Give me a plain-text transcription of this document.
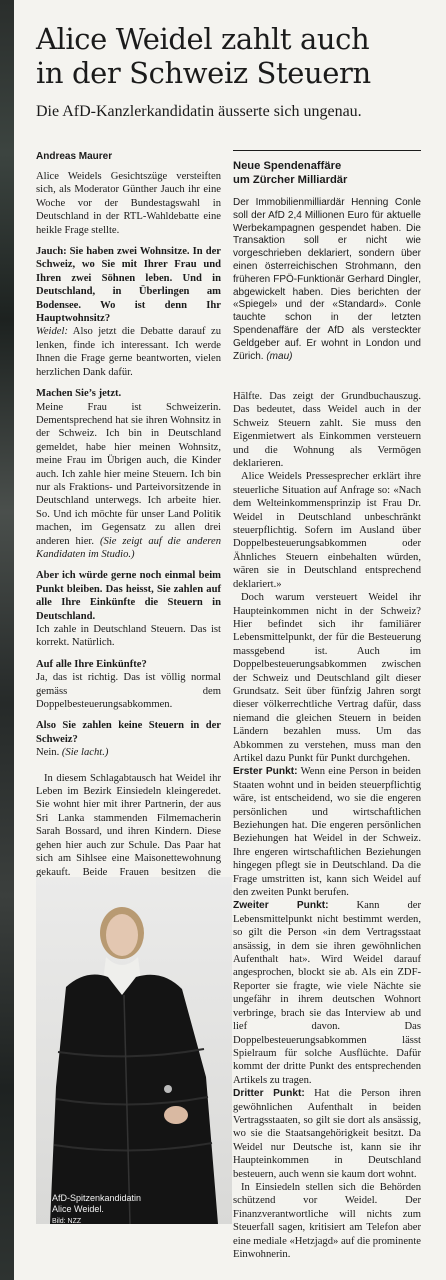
Alice Weidel zahlt auch
in der Schweiz Steuern
Die AfD-Kanzlerkandidatin äusserte sich ungenau.
Andreas Maurer
Neue Spendenaffäre
um Zürcher Milliardär
Der Immobilienmilliardär Henning Conle soll der AfD 2,4 Millionen Euro für aktuelle Werbekampagnen gespendet haben. Die Transaktion soll er nicht wie vorgeschrieben deklariert, sondern über einen österreichischen Strohmann, den früheren FPÖ-Funktionär Gerhard Dingler, abgewickelt haben. Dies berichten der «Spiegel» und der «Standard». Conle tauchte schon in der letzten Spendenaffäre der AfD als versteckter Geldgeber auf. Er wohnt in London und Zürich. (mau)

Alice Weidels Gesichtszüge versteiften sich, als Moderator Günther Jauch ihr eine Woche vor der Bundestagswahl in Deutschland in der RTL-Wahldebatte eine heikle Frage stellte.

Jauch: Sie haben zwei Wohnsitze. In der Schweiz, wo Sie mit Ihrer Frau und Ihren zwei Söhnen leben. Und in Deutschland, in Überlingen am Bodensee. Wo ist denn Ihr Hauptwohnsitz?

Weidel: Also jetzt die Debatte darauf zu lenken, finde ich interessant. Ich werde Ihnen die Frage gerne beantworten, vielen herzlichen Dank dafür.

Machen Sie’s jetzt.

Meine Frau ist Schweizerin. Dementsprechend hat sie ihren Wohnsitz in der Schweiz. Ich bin in Deutschland gemeldet, habe hier meinen Wohnsitz, meine Frau im Übrigen auch, die Kinder auch. Ich zahle hier meine Steuern. Ich bin nur als Fraktions- und Parteivorsitzende in Deutschland unterwegs. Ich arbeite hier. So. Und ich möchte für unser Land Politik machen, im Gegensatz zu allen drei anderen hier. (Sie zeigt auf die anderen Kandidaten im Studio.)

Aber ich würde gerne noch einmal beim Punkt bleiben. Das heisst, Sie zahlen auf alle Ihre Einkünfte die Steuern in Deutschland.

Ich zahle in Deutschland Steuern. Das ist korrekt. Natürlich.

Auf alle Ihre Einkünfte?

Ja, das ist richtig. Das ist völlig normal gemäss dem Doppelbesteuerungsabkommen.

Also Sie zahlen keine Steuern in der Schweiz?

Nein. (Sie lacht.)

In diesem Schlagabtausch hat Weidel ihr Leben im Bezirk Einsiedeln kleingeredet. Sie wohnt hier mit ihrer Partnerin, der aus Sri Lanka stammenden Filmemacherin Sarah Bossard, und ihren Kindern. Diese gehen hier auch zur Schule. Das Paar hat sich am Sihlsee eine Maisonettewohnung gekauft. Beide Frauen besitzen die

Hälfte. Das zeigt der Grundbuchauszug. Das bedeutet, dass Weidel auch in der Schweiz Steuern zahlt. Sie muss den Eigenmietwert als Einkommen versteuern und die Wohnung als Vermögen deklarieren.

Alice Weidels Pressesprecher erklärt ihre steuerliche Situation auf Anfrage so: «Nach dem Welteinkommensprinzip ist Frau Dr. Weidel in Deutschland unbeschränkt steuerpflichtig. Sofern im Ausland über Doppelbesteuerungsabkommen oder Ähnliches Steuern einbehalten würden, wären sie in Deutschland entsprechend deklariert.»

Doch warum versteuert Weidel ihr Haupteinkommen nicht in der Schweiz? Hier befindet sich ihr familiärer Lebensmittelpunkt, der für die Besteuerung massgebend ist. Auch im Doppelbesteuerungsabkommen zwischen der Schweiz und Deutschland gilt dieser Grundsatz. Seit über fünfzig Jahren sorgt dieser völkerrechtliche Vertrag dafür, dass niemand die gleichen Steuern in beiden Ländern bezahlen muss. Um das Abkommen zu verstehen, muss man den Artikel dazu Punkt für Punkt durchgehen.

Erster Punkt: Wenn eine Person in beiden Staaten wohnt und in beiden steuerpflichtig wäre, ist entscheidend, wo sie die engeren persönlichen und wirtschaftlichen Beziehungen hat. Die engeren persönlichen Beziehungen hat Weidel in der Schweiz. Ihre engeren wirtschaftlichen Beziehungen hingegen pflegt sie in Deutschland. Da die Frage umstritten ist, kann sich Weidel auf den zweiten Punkt berufen.

Zweiter Punkt: Kann der Lebensmittelpunkt nicht bestimmt werden, so gilt die Person «in dem Vertragsstaat ansässig, in dem sie ihren gewöhnlichen Aufenthalt hat». Wird Weidel darauf angesprochen, blockt sie ab. Als ein ZDF-Reporter sie fragte, wie viele Nächte sie ungefähr in ihrem deutschen Wohnort verbringe, brach sie das Interview ab und lief davon. Das Doppelbesteuerungsabkommen lässt Spielraum für solche Ausflüchte. Dafür kommt der dritte Punkt des entsprechenden Artikels zu tragen.

Dritter Punkt: Hat die Person ihren gewöhnlichen Aufenthalt in beiden Vertragsstaaten, so gilt sie dort als ansässig, wo sie die Staatsangehörigkeit besitzt. Da Weidel nur Deutsche ist, kann sie ihr Haupteinkommen in Deutschland besteuern, auch wenn sie kaum dort wohnt.

In Einsiedeln stellen sich die Behörden schützend vor Weidel. Der Finanzverantwortliche will nichts zum Steuerfall sagen, kritisiert am Telefon aber eine mediale «Hetzjagd» auf die prominente Einwohnerin.

AfD-Spitzenkandidatin
Alice Weidel.
Bild: NZZ
